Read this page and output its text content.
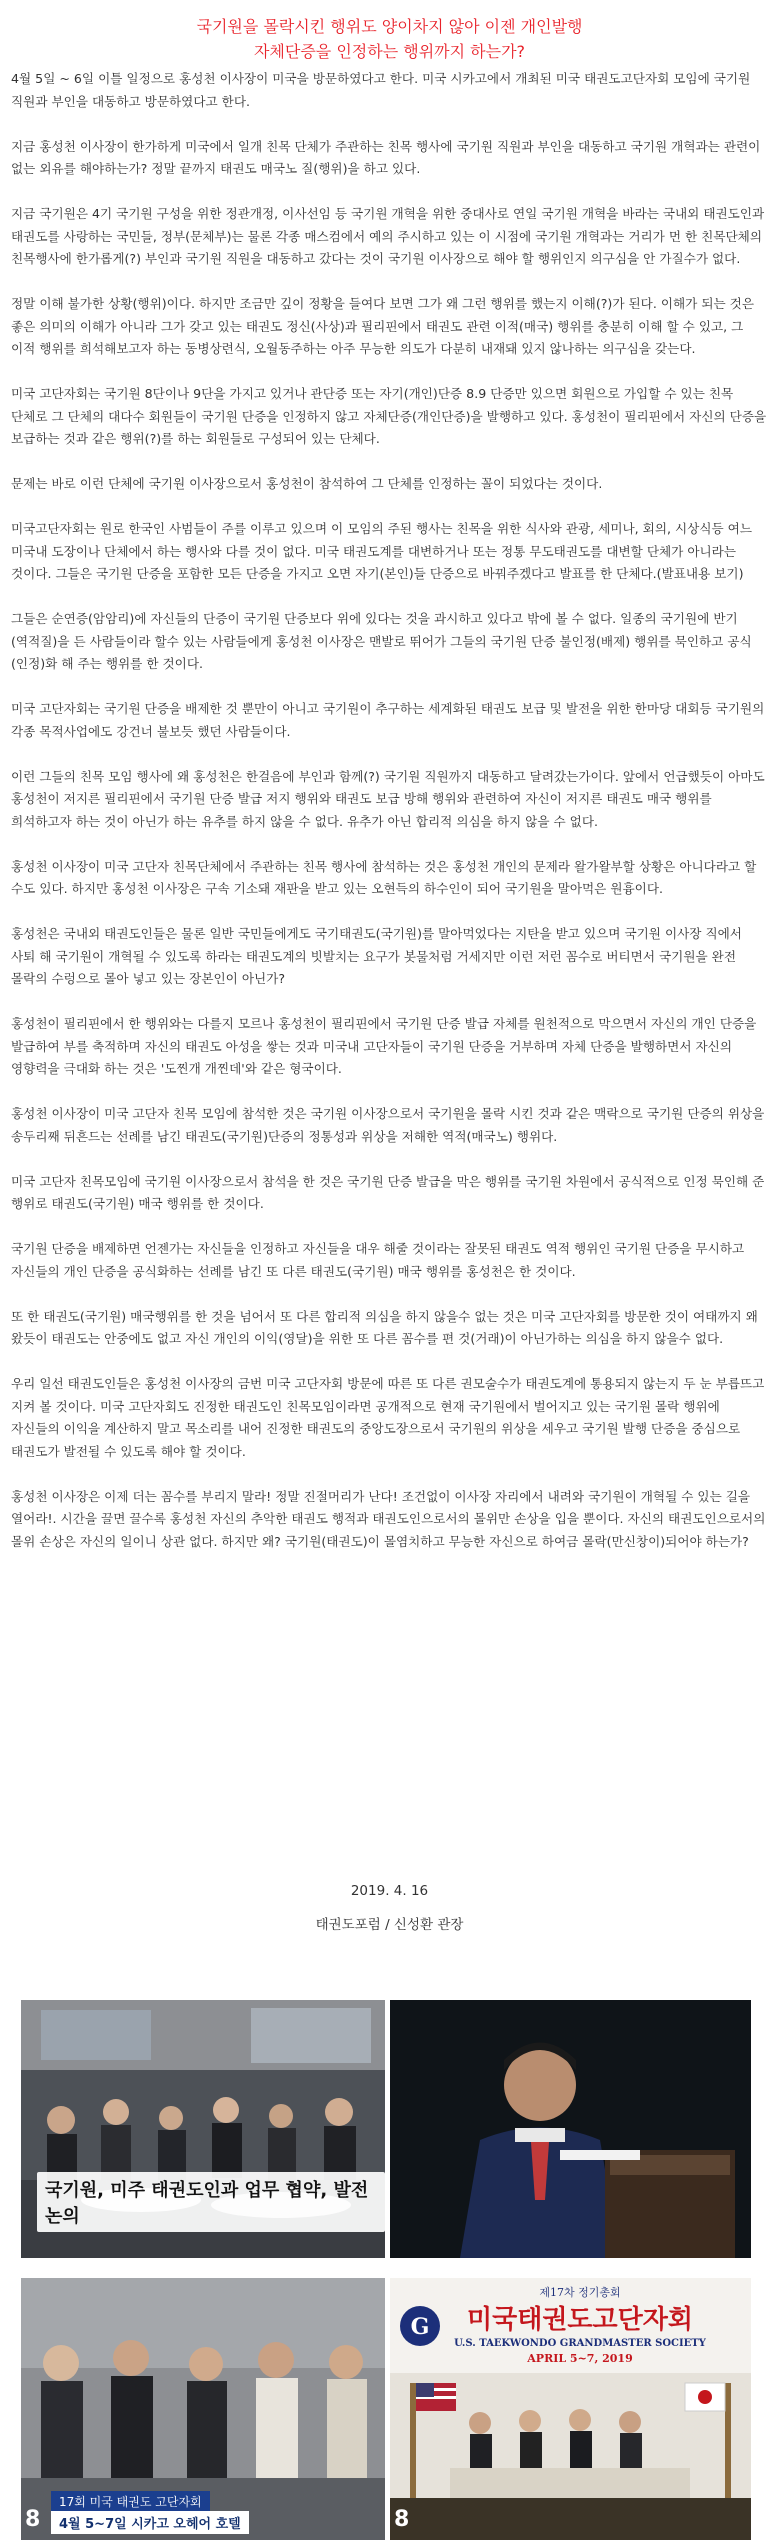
국기원을 몰락시킨 행위도 양이차지 않아 이젠 개인발행
자체단증을 인정하는 행위까지 하는가?

4월 5일 ~ 6일 이틀 일정으로 홍성천 이사장이 미국을 방문하였다고 한다. 미국 시카고에서 개최된 미국 태권도고단자회 모임에 국기원 직원과 부인을 대동하고 방문하였다고 한다.

지금 홍성천 이사장이 한가하게 미국에서 일개 친목 단체가 주관하는 친목 행사에 국기원 직원과 부인을 대동하고 국기원 개혁과는 관련이 없는 외유를 해야하는가? 정말 끝까지 태권도 매국노 질(행위)을 하고 있다.

지금 국기원은 4기 국기원 구성을 위한 정관개정, 이사선임 등 국기원 개혁을 위한 중대사로 연일 국기원 개혁을 바라는 국내외 태권도인과 태권도를 사랑하는 국민들, 정부(문체부)는 물론 각종 매스컴에서 예의 주시하고 있는 이 시점에 국기원 개혁과는 거리가 먼 한 친목단체의 친목행사에 한가롭게(?) 부인과 국기원 직원을 대동하고 갔다는 것이 국기원 이사장으로 해야 할 행위인지 의구심을 안 가질수가 없다.

정말 이해 불가한 상황(행위)이다. 하지만 조금만 깊이 정황을 들여다 보면 그가 왜 그런 행위를 했는지 이해(?)가 된다. 이해가 되는 것은 좋은 의미의 이해가 아니라 그가 갖고 있는 태권도 정신(사상)과 필리핀에서 태권도 관련 이적(매국) 행위를 충분히 이해 할 수 있고, 그 이적 행위를 희석해보고자 하는 동병상련식, 오월동주하는 아주 무능한 의도가 다분히 내재돼 있지 않나하는 의구심을 갖는다.

미국 고단자회는 국기원 8단이나 9단을 가지고 있거나 관단증 또는 자기(개인)단증 8.9 단증만 있으면 회원으로 가입할 수 있는 친목 단체로 그 단체의 대다수 회원들이 국기원 단증을 인정하지 않고 자체단증(개인단증)을 발행하고 있다. 홍성천이 필리핀에서 자신의 단증을 보급하는 것과 같은 행위(?)를 하는 회원들로 구성되어 있는 단체다.

문제는 바로 이런 단체에 국기원 이사장으로서 홍성천이 참석하여 그 단체를 인정하는 꼴이 되었다는 것이다.

미국고단자회는 원로 한국인 사범들이 주를 이루고 있으며 이 모임의 주된 행사는 친목을 위한 식사와 관광, 세미나, 회의, 시상식등 여느 미국내 도장이나 단체에서 하는 행사와 다를 것이 없다. 미국 태권도계를 대변하거나 또는 정통 무도태권도를 대변할 단체가 아니라는 것이다. 그들은 국기원 단증을 포함한 모든 단증을 가지고 오면 자기(본인)들 단증으로 바꿔주겠다고 발표를 한 단체다.(발표내용 보기)

그들은 순연증(암암리)에 자신들의 단증이 국기원 단증보다 위에 있다는 것을 과시하고 있다고 밖에 볼 수 없다. 일종의 국기원에 반기(역적질)을 든 사람들이라 할수 있는 사람들에게 홍성천 이사장은 맨발로 뛰어가 그들의 국기원 단증 불인정(배제) 행위를 묵인하고 공식(인정)화 해 주는 행위를 한 것이다.

미국 고단자회는 국기원 단증을 배제한 것 뿐만이 아니고 국기원이 추구하는 세계화된 태권도 보급 및 발전을 위한 한마당 대회등 국기원의 각종 목적사업에도 강건너 불보듯 했던 사람들이다.

이런 그들의 친목 모임 행사에 왜 홍성천은 한걸음에 부인과 함께(?) 국기원 직원까지 대동하고 달려갔는가이다. 앞에서 언급했듯이 아마도 홍성천이 저지른 필리핀에서 국기원 단증 발급 저지 행위와 태권도 보급 방해 행위와 관련하여 자신이 저지른 태권도 매국 행위를 희석하고자 하는 것이 아닌가 하는 유추를 하지 않을 수 없다. 유추가 아닌 합리적 의심을 하지 않을 수 없다.

홍성천 이사장이 미국 고단자 친목단체에서 주관하는 친목 행사에 참석하는 것은 홍성천 개인의 문제라 왈가왈부할 상황은 아니다라고 할 수도 있다. 하지만 홍성천 이사장은 구속 기소돼 재판을 받고 있는 오현득의 하수인이 되어 국기원을 말아먹은 원흉이다.

홍성천은 국내외 태권도인들은 물론 일반 국민들에게도 국기태권도(국기원)를 말아먹었다는 지탄을 받고 있으며 국기원 이사장 직에서 사퇴 해 국기원이 개혁될 수 있도록 하라는 태권도계의 빗발치는 요구가 봇물처럼 거세지만 이런 저런 꼼수로 버티면서 국기원을 완전 몰락의 수렁으로 몰아 넣고 있는 장본인이 아닌가?

홍성천이 필리핀에서 한 행위와는 다를지 모르나 홍성천이 필리핀에서 국기원 단증 발급 자체를 원천적으로 막으면서 자신의 개인 단증을 발급하여 부를 축적하며 자신의 태권도 아성을 쌓는 것과 미국내 고단자들이 국기원 단증을 거부하며 자체 단증을 발행하면서 자신의 영향력을 극대화 하는 것은 '도찐개 개찐데'와 같은 형국이다.

홍성천 이사장이 미국 고단자 친목 모임에 참석한 것은 국기원 이사장으로서 국기원을 몰락 시킨 것과 같은 맥락으로 국기원 단증의 위상을 송두리째 뒤흔드는 선례를 남긴 태권도(국기원)단증의 정통성과 위상을 저해한 역적(매국노) 행위다.

미국 고단자 친목모임에 국기원 이사장으로서 참석을 한 것은 국기원 단증 발급을 막은 행위를 국기원 차원에서 공식적으로 인정 묵인해 준 행위로 태권도(국기원) 매국 행위를 한 것이다.

국기원 단증을 배제하면 언젠가는 자신들을 인정하고 자신들을 대우 해줄 것이라는 잘못된 태권도 역적 행위인 국기원 단증을 무시하고 자신들의 개인 단증을 공식화하는 선례를 남긴 또 다른 태권도(국기원) 매국 행위를 홍성천은 한 것이다.

또 한 태권도(국기원) 매국행위를 한 것을 넘어서 또 다른 합리적 의심을 하지 않을수 없는 것은 미국 고단자회를 방문한 것이 여태까지 왜 왔듯이 태권도는 안중에도 없고 자신 개인의 이익(영달)을 위한 또 다른 꼼수를 편 것(거래)이 아닌가하는 의심을 하지 않을수 없다.

우리 일선 태권도인들은 홍성천 이사장의 금번 미국 고단자회 방문에 따른 또 다른 권모술수가 태권도계에 통용되지 않는지 두 눈 부릅뜨고 지켜 볼 것이다. 미국 고단자회도 진정한 태권도인 친목모임이라면 공개적으로 현재 국기원에서 벌어지고 있는 국기원 몰락 행위에 자신들의 이익을 계산하지 말고 목소리를 내어 진정한 태권도의 중앙도장으로서 국기원의 위상을 세우고 국기원 발행 단증을 중심으로 태권도가 발전될 수 있도록 해야 할 것이다.

홍성천 이사장은 이제 더는 꼼수를 부리지 말라! 정말 진절머리가 난다! 조건없이 이사장 자리에서 내려와 국기원이 개혁될 수 있는 길을 열어라!. 시간을 끌면 끌수록 홍성천 자신의 추악한 태권도 행적과 태권도인으로서의 몰위만 손상을 입을 뿐이다. 자신의 태권도인으로서의 몰위 손상은 자신의 일이니 상관 없다. 하지만 왜? 국기원(태권도)이 몰염치하고 무능한 자신으로 하여금 몰락(만신창이)되어야 하는가?

2019. 4. 16
태권도포럼 / 신성환 관장
국기원, 미주 태권도인과 업무 협약, 발전 논의
8
17회 미국 태권도 고단자회
4월 5~7일 시카고 오헤어 호텔
G
제17차 정기총회
미국태권도고단자회
U.S. TAEKWONDO GRANDMASTER SOCIETY
APRIL 5~7, 2019
8
